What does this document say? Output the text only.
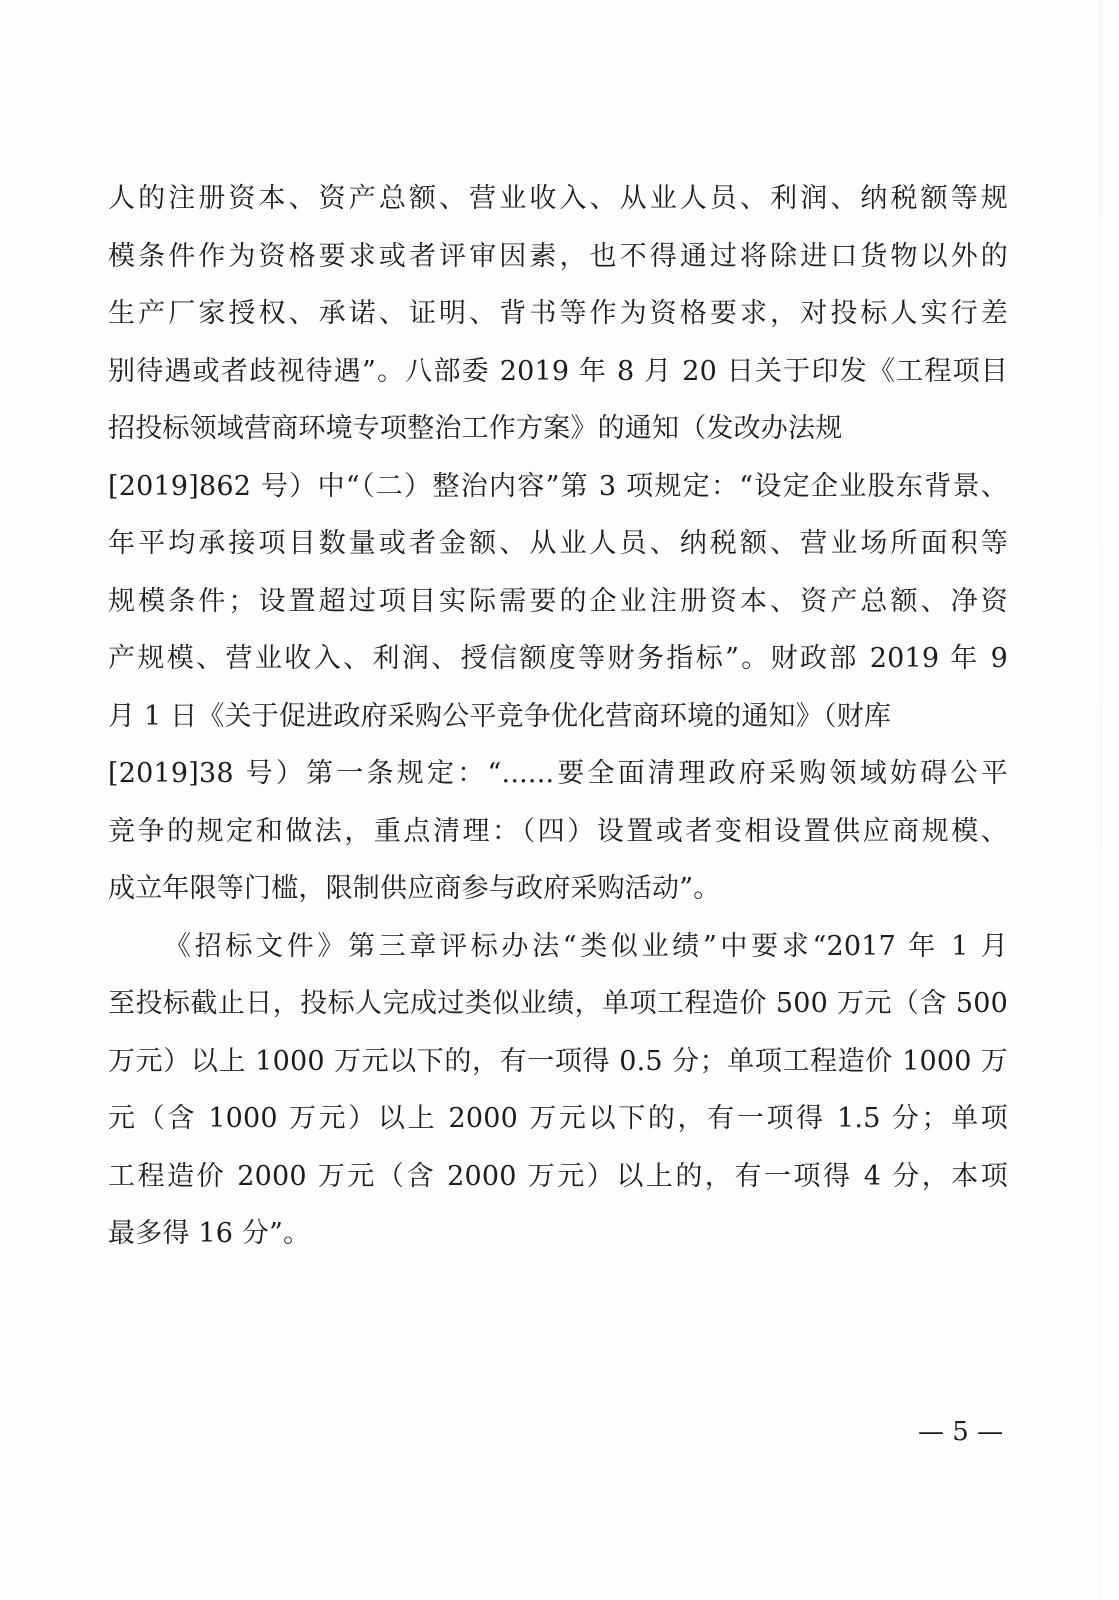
人的注册资本、资产总额、营业收入、从业人员、利润、纳税额等规
模条件作为资格要求或者评审因素，也不得通过将除进口货物以外的
生产厂家授权、承诺、证明、背书等作为资格要求，对投标人实行差
别待遇或者歧视待遇”。八部委 2019 年 8 月 20 日关于印发《工程项目
招投标领域营商环境专项整治工作方案》的通知（发改办法规
[2019]862 号）中“（二）整治内容”第 3 项规定：“设定企业股东背景、
年平均承接项目数量或者金额、从业人员、纳税额、营业场所面积等
规模条件；设置超过项目实际需要的企业注册资本、资产总额、净资
产规模、营业收入、利润、授信额度等财务指标”。财政部 2019 年 9
月 1 日《关于促进政府采购公平竞争优化营商环境的通知》（财库
[2019]38 号）第一条规定：“......要全面清理政府采购领域妨碍公平
竞争的规定和做法，重点清理：（四）设置或者变相设置供应商规模、
成立年限等门槛，限制供应商参与政府采购活动”。
《招标文件》第三章评标办法“类似业绩”中要求“2017 年 1 月
至投标截止日，投标人完成过类似业绩，单项工程造价 500 万元（含 500
万元）以上 1000 万元以下的，有一项得 0.5 分；单项工程造价 1000 万
元（含 1000 万元）以上 2000 万元以下的，有一项得 1.5 分；单项
工程造价 2000 万元（含 2000 万元）以上的，有一项得 4 分，本项
最多得 16 分”。
— 5 —
